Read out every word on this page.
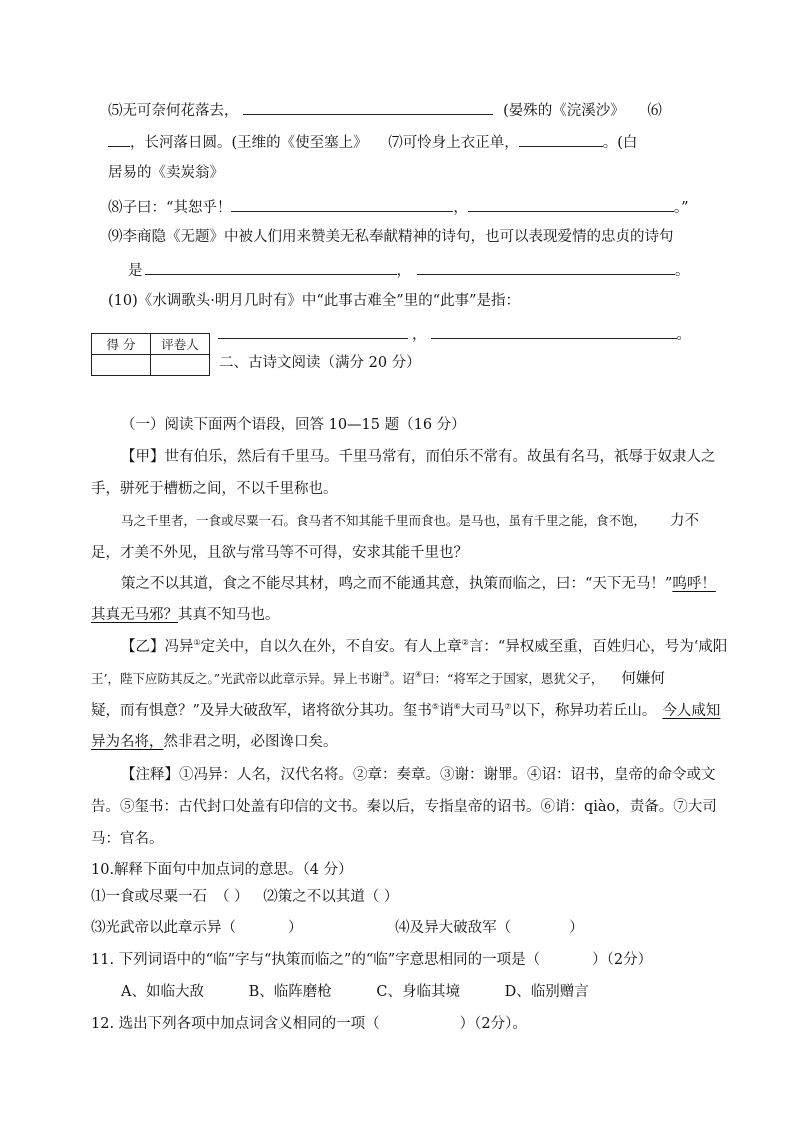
⑸无可奈何花落去，	(晏殊的《浣溪沙》 ⑹
，长河落日圆。(王维的《使至塞上》 ⑺可怜身上衣正单，	。(白
居易的《卖炭翁》
⑻子曰：“其恕乎！	，	。”
⑼李商隐《无题》中被人们用来赞美无私奉献精神的诗句，也可以表现爱情的忠贞的诗句
是	，	。
(10)《水调歌头·明月几时有》中“此事古难全”里的“此事”是指：
，	。
得 分	评卷人

二、古诗文阅读（满分 20 分）
（一）阅读下面两个语段，回答 10—15 题（16 分）
【甲】世有伯乐，然后有千里马。千里马常有，而伯乐不常有。故虽有名马，祇辱于奴隶人之
手，骈死于槽枥之间，不以千里称也。
马之千里者，一食或尽粟一石。食马者不知其能千里而食也。是马也，虽有千里之能，食不饱， 力不
足，才美不外见，且欲与常马等不可得，安求其能千里也？
策之不以其道，食之不能尽其材，鸣之而不能通其意，执策而临之，曰：“天下无马！”呜呼！
其真无马邪？其真不知马也。
【乙】冯异①定关中，自以久在外，不自安。有人上章②言：“异权威至重，百姓归心，号为‘咸阳
王’，陛下应防其反之。”光武帝以此章示异。异上书谢③。诏④曰：“将军之于国家，恩犹父子， 何嫌何
疑，而有惧意？”及异大破敌军，诸将欲分其功。玺书⑤诮⑥大司马⑦以下，称异功若丘山。 今人咸知
异为名将，然非君之明，必图谗口矣。
【注释】①冯异：人名，汉代名将。②章：奏章。③谢：谢罪。④诏：诏书，皇帝的命令或文
告。⑤玺书：古代封口处盖有印信的文书。秦以后，专指皇帝的诏书。⑥诮：qiào，责备。⑦大司
马：官名。
10.解释下面句中加点词的意思。（4 分）
⑴一食或尽粟一石 （ ） ⑵策之不以其道（ ）
⑶光武帝以此章示异（	）	⑷及异大破敌军（	）
11. 下列词语中的“临”字与“执策而临之”的“临”字意思相同的一项是（	）（2分）
A、如临大敌	B、临阵磨枪	C、身临其境	D、临别赠言
12. 选出下列各项中加点词含义相同的一项（	）（2分）。
